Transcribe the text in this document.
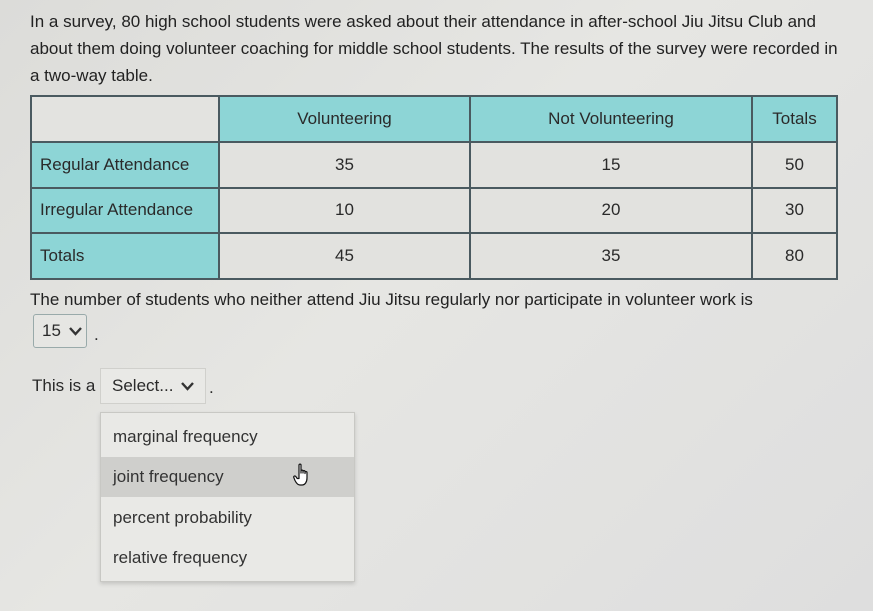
In a survey, 80 high school students were asked about their attendance in after-school Jiu Jitsu Club and about them doing volunteer coaching for middle school students. The results of the survey were recorded in a two-way table.
	Volunteering	Not Volunteering	Totals
Regular Attendance	35	15	50
Irregular Attendance	10	20	30
Totals	45	35	80
The number of students who neither attend Jiu Jitsu regularly nor participate in volunteer work is
15 .
This is a Select... .
marginal frequency
joint frequency
percent probability
relative frequency
